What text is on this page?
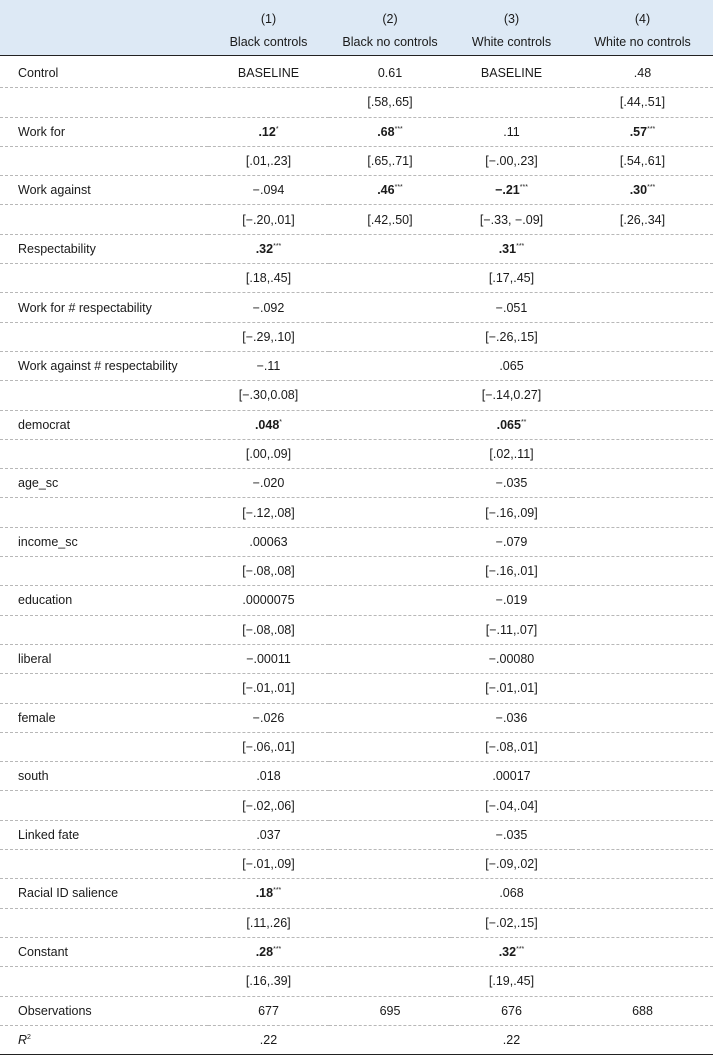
	(1)	(2)	(3)	(4)
	Black controls	Black no controls	White controls	White no controls
Control	BASELINE	0.61	BASELINE	.48
		[.58,.65]		[.44,.51]
Work for	.12*	.68***	.11	.57***
	[.01,.23]	[.65,.71]	[−.00,.23]	[.54,.61]
Work against	−.094	.46***	−.21***	.30***
	[−.20,.01]	[.42,.50]	[−.33, −.09]	[.26,.34]
Respectability	.32***		.31***	
	[.18,.45]		[.17,.45]	
Work for # respectability	−.092		−.051	
	[−.29,.10]		[−.26,.15]	
Work against # respectability	−.11		.065	
	[−.30,0.08]		[−.14,0.27]	
democrat	.048*		.065**	
	[.00,.09]		[.02,.11]	
age_sc	−.020		−.035	
	[−.12,.08]		[−.16,.09]	
income_sc	.00063		−.079	
	[−.08,.08]		[−.16,.01]	
education	.0000075		−.019	
	[−.08,.08]		[−.11,.07]	
liberal	−.00011		−.00080	
	[−.01,.01]		[−.01,.01]	
female	−.026		−.036	
	[−.06,.01]		[−.08,.01]	
south	.018		.00017	
	[−.02,.06]		[−.04,.04]	
Linked fate	.037		−.035	
	[−.01,.09]		[−.09,.02]	
Racial ID salience	.18***		.068	
	[.11,.26]		[−.02,.15]	
Constant	.28***		.32***	
	[.16,.39]		[.19,.45]	
Observations	677	695	676	688
$R^2$	.22		.22	
